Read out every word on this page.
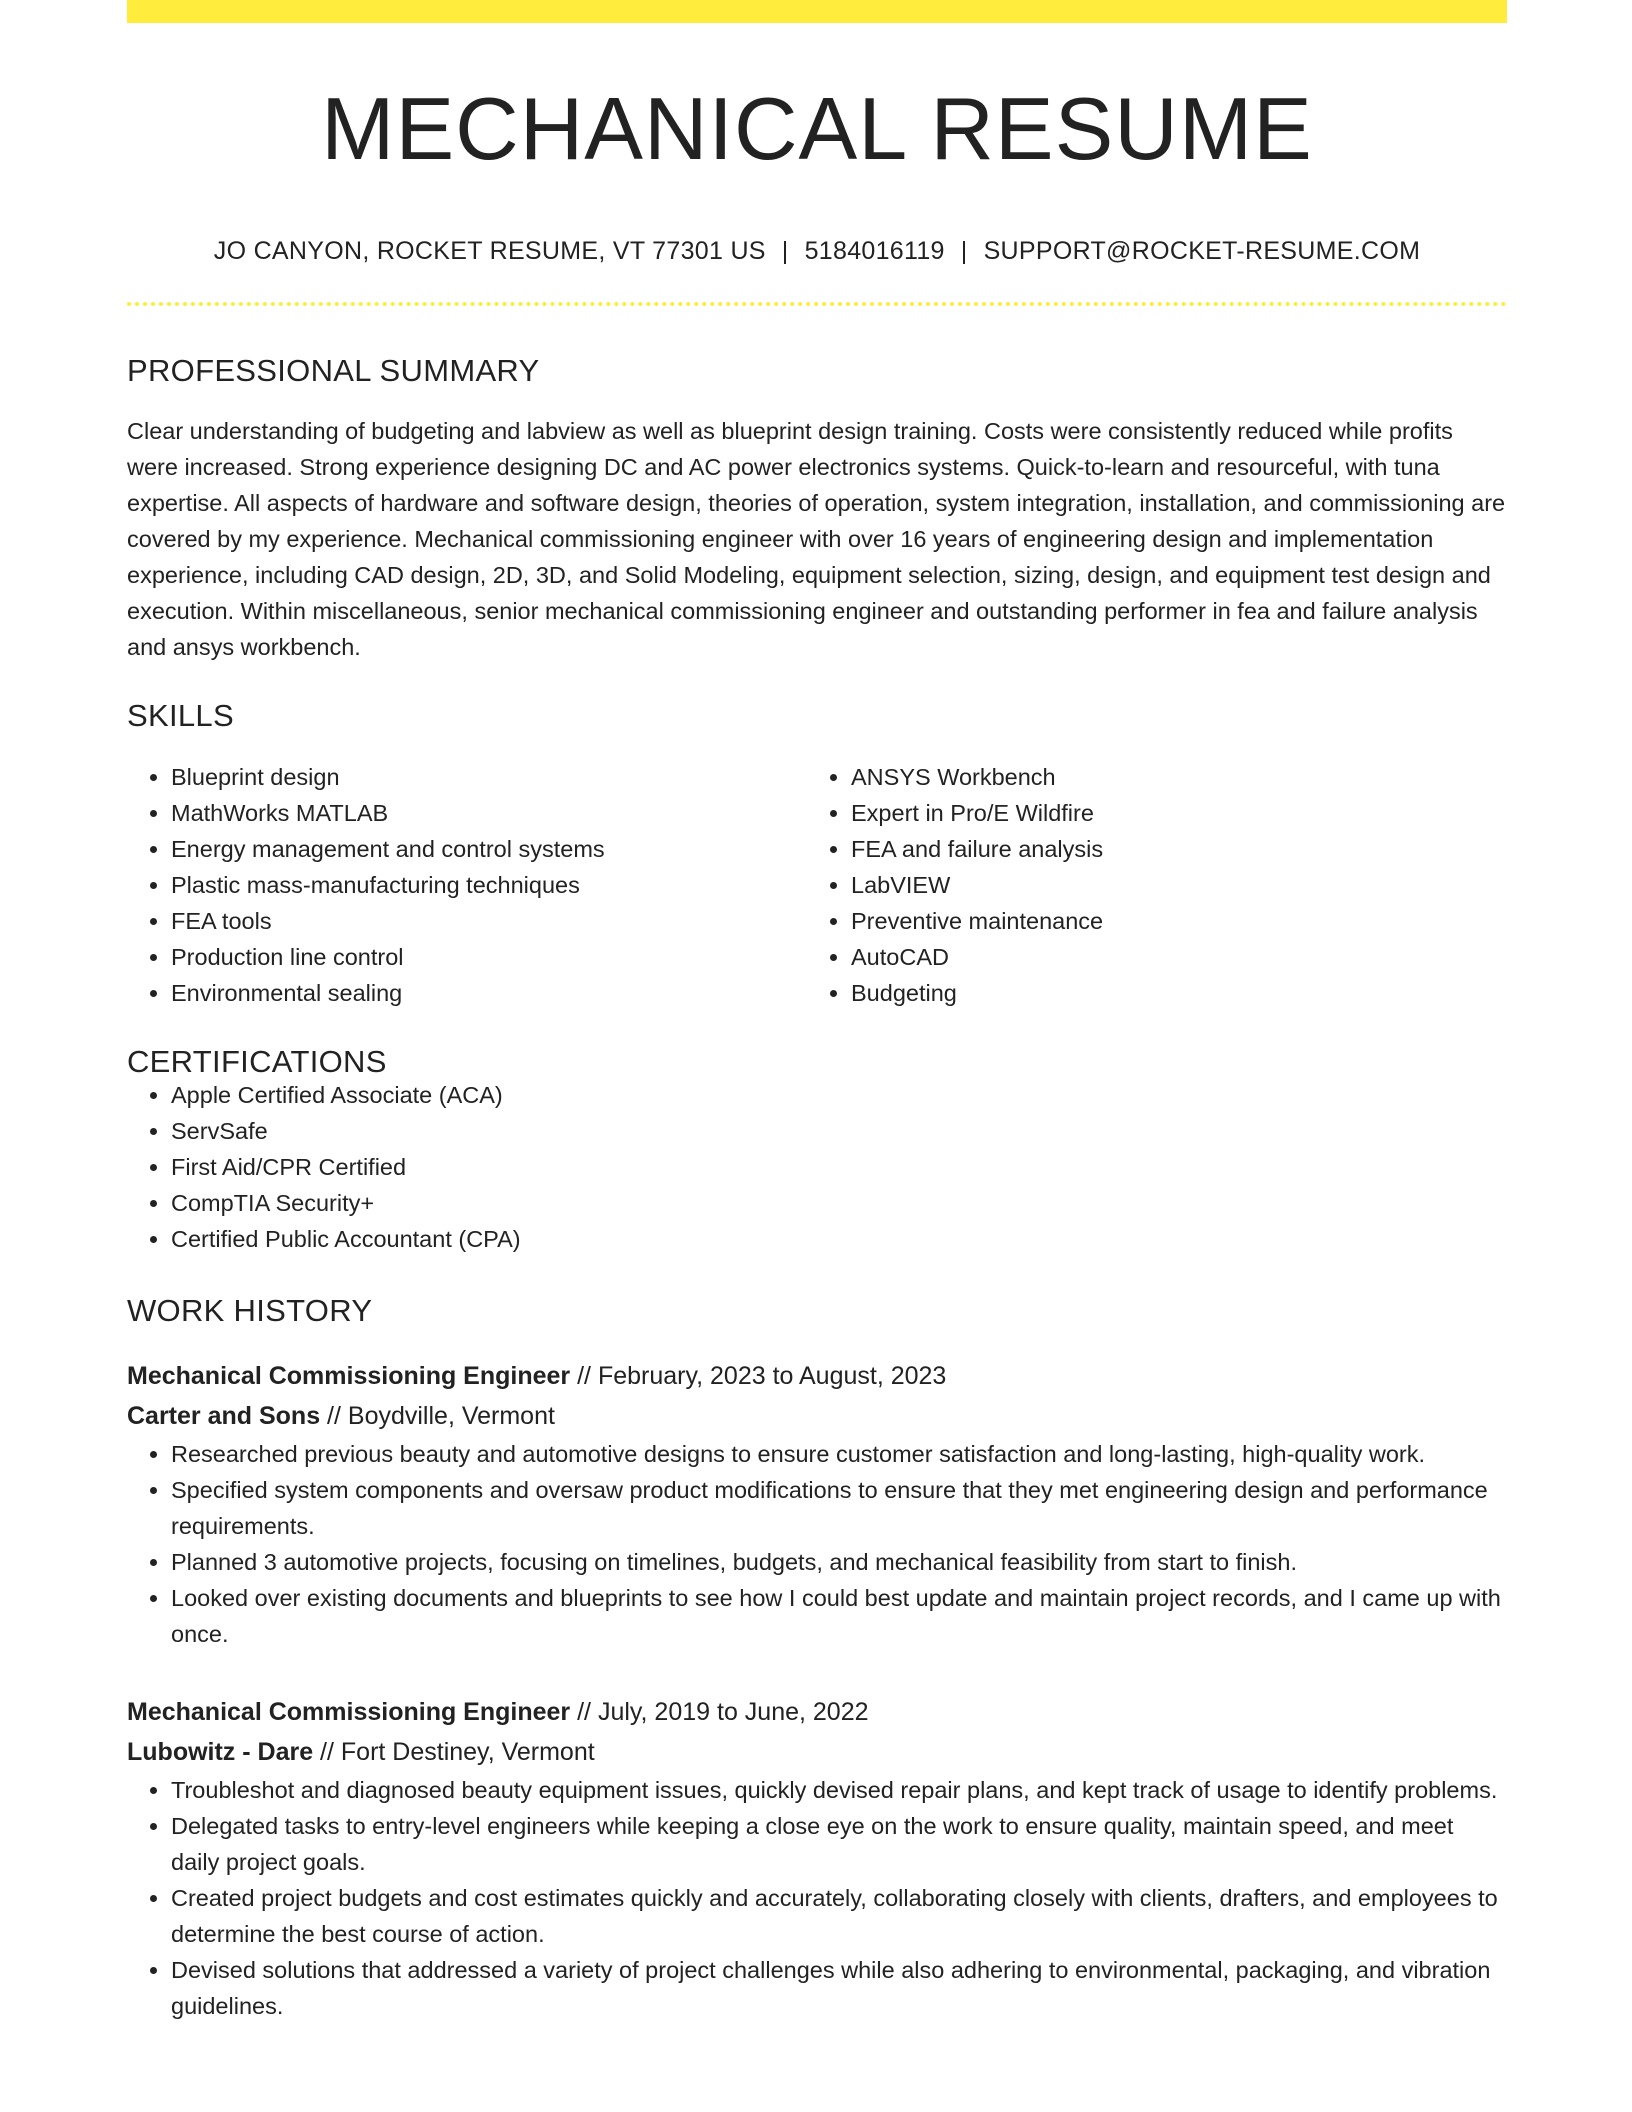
MECHANICAL RESUME
JO CANYON, ROCKET RESUME, VT 77301 US | 5184016119 | SUPPORT@ROCKET-RESUME.COM
PROFESSIONAL SUMMARY

Clear understanding of budgeting and labview as well as blueprint design training. Costs were consistently reduced while profits were increased. Strong experience designing DC and AC power electronics systems. Quick-to-learn and resourceful, with tuna expertise. All aspects of hardware and software design, theories of operation, system integration, installation, and commissioning are covered by my experience. Mechanical commissioning engineer with over 16 years of engineering design and implementation experience, including CAD design, 2D, 3D, and Solid Modeling, equipment selection, sizing, design, and equipment test design and execution. Within miscellaneous, senior mechanical commissioning engineer and outstanding performer in fea and failure analysis and ansys workbench.

SKILLS
• Blueprint design
• MathWorks MATLAB
• Energy management and control systems
• Plastic mass-manufacturing techniques
• FEA tools
• Production line control
• Environmental sealing
• ANSYS Workbench
• Expert in Pro/E Wildfire
• FEA and failure analysis
• LabVIEW
• Preventive maintenance
• AutoCAD
• Budgeting
CERTIFICATIONS
• Apple Certified Associate (ACA)
• ServSafe
• First Aid/CPR Certified
• CompTIA Security+
• Certified Public Accountant (CPA)
WORK HISTORY
Mechanical Commissioning Engineer // February, 2023 to August, 2023
Carter and Sons // Boydville, Vermont
• Researched previous beauty and automotive designs to ensure customer satisfaction and long-lasting, high-quality work.
• Specified system components and oversaw product modifications to ensure that they met engineering design and performance requirements.
• Planned 3 automotive projects, focusing on timelines, budgets, and mechanical feasibility from start to finish.
• Looked over existing documents and blueprints to see how I could best update and maintain project records, and I came up with once.
Mechanical Commissioning Engineer // July, 2019 to June, 2022
Lubowitz - Dare // Fort Destiney, Vermont
• Troubleshot and diagnosed beauty equipment issues, quickly devised repair plans, and kept track of usage to identify problems.
• Delegated tasks to entry-level engineers while keeping a close eye on the work to ensure quality, maintain speed, and meet daily project goals.
• Created project budgets and cost estimates quickly and accurately, collaborating closely with clients, drafters, and employees to determine the best course of action.
• Devised solutions that addressed a variety of project challenges while also adhering to environmental, packaging, and vibration guidelines.
